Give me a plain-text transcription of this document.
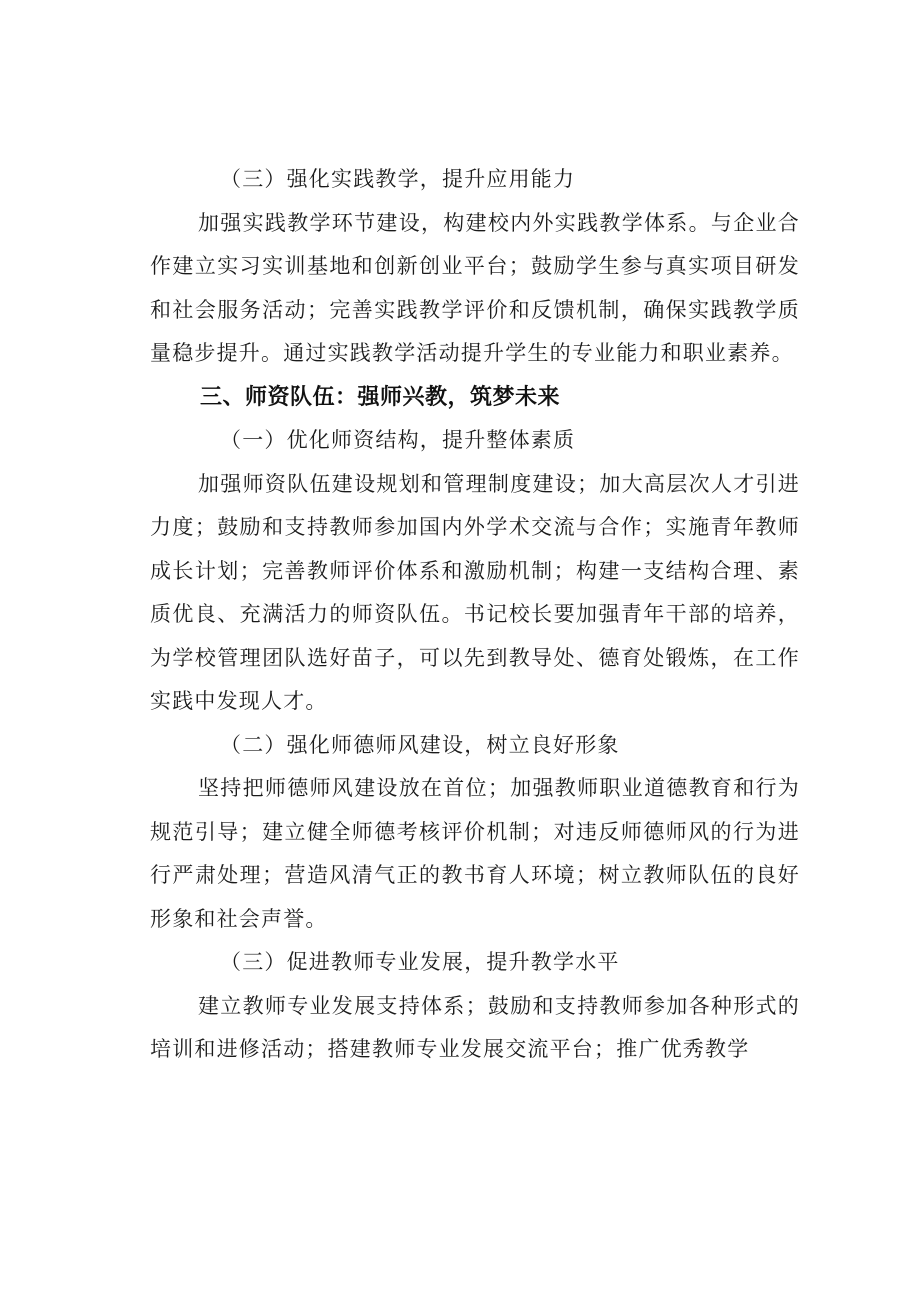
（三）强化实践教学，提升应用能力

加强实践教学环节建设，构建校内外实践教学体系。与企业合作建立实习实训基地和创新创业平台；鼓励学生参与真实项目研发和社会服务活动；完善实践教学评价和反馈机制，确保实践教学质量稳步提升。通过实践教学活动提升学生的专业能力和职业素养。

三、师资队伍：强师兴教，筑梦未来

（一）优化师资结构，提升整体素质

加强师资队伍建设规划和管理制度建设；加大高层次人才引进力度；鼓励和支持教师参加国内外学术交流与合作；实施青年教师成长计划；完善教师评价体系和激励机制；构建一支结构合理、素质优良、充满活力的师资队伍。书记校长要加强青年干部的培养，为学校管理团队选好苗子，可以先到教导处、德育处锻炼，在工作实践中发现人才。

（二）强化师德师风建设，树立良好形象

坚持把师德师风建设放在首位；加强教师职业道德教育和行为规范引导；建立健全师德考核评价机制；对违反师德师风的行为进行严肃处理；营造风清气正的教书育人环境；树立教师队伍的良好形象和社会声誉。

（三）促进教师专业发展，提升教学水平

建立教师专业发展支持体系；鼓励和支持教师参加各种形式的培训和进修活动；搭建教师专业发展交流平台；推广优秀教学
